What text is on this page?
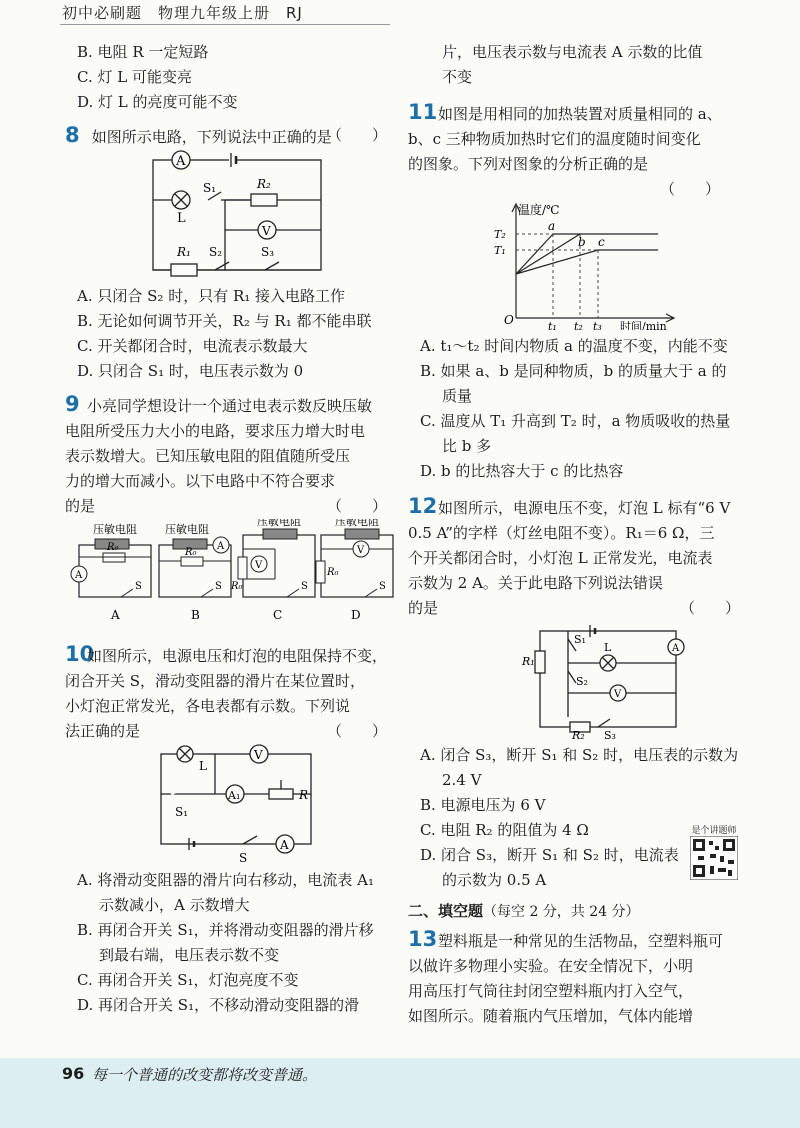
初中必刷题　物理九年级上册　RJ
B. 电阻 R 一定短路
C. 灯 L 可能变亮
D. 灯 L 的亮度可能不变
8 如图所示电路，下列说法中正确的是
（　　）
A
L
S₁	R₂
V
R₁ S₂	S₃
A. 只闭合 S₂ 时，只有 R₁ 接入电路工作
B. 无论如何调节开关，R₂ 与 R₁ 都不能串联
C. 开关都闭合时，电流表示数最大
D. 只闭合 S₁ 时，电压表示数为 0
9 小亮同学想设计一个通过电表示数反映压敏
电阻所受压力大小的电路，要求压力增大时电
表示数增大。已知压敏电阻的阻值随所受压
力的增大而减小。以下电路中不符合要求
的是	（　　）
压敏电阻
R₀
A
S
A
压敏电阻
A
R₀
S
B
压敏电阻
R₀
V
S
C
压敏电阻
V
R₀
S
D
10如图所示，电源电压和灯泡的电阻保持不变，
闭合开关 S，滑动变阻器的滑片在某位置时，
小灯泡正常发光，各电表都有示数。下列说
法正确的是	（　　）
L
V
A₁	R
S₁
S
A
A. 将滑动变阻器的滑片向右移动，电流表 A₁
示数减小，A 示数增大
B. 再闭合开关 S₁，并将滑动变阻器的滑片移
到最右端，电压表示数不变
C. 再闭合开关 S₁，灯泡亮度不变
D. 再闭合开关 S₁，不移动滑动变阻器的滑
片，电压表示数与电流表 A 示数的比值
不变
11如图是用相同的加热装置对质量相同的 a、
b、c 三种物质加热时它们的温度随时间变化
的图象。下列对图象的分析正确的是
（　　）
温度/℃
T₂
T₁
O
a
b c
t₁ t₂ t₃ 时间/min
A. t₁～t₂ 时间内物质 a 的温度不变，内能不变
B. 如果 a、b 是同种物质，b 的质量大于 a 的
质量
C. 温度从 T₁ 升高到 T₂ 时，a 物质吸收的热量
比 b 多
D. b 的比热容大于 c 的比热容
12如图所示，电源电压不变，灯泡 L 标有“6 V
0.5 A”的字样（灯丝电阻不变）。R₁＝6 Ω，三
个开关都闭合时，小灯泡 L 正常发光，电流表
示数为 2 A。关于此电路下列说法错误
的是	（　　）
R₁
S₁
L	A
S₂
V
R₂ S₃
A. 闭合 S₃，断开 S₁ 和 S₂ 时，电压表的示数为
2.4 V
B. 电源电压为 6 V
C. 电阻 R₂ 的阻值为 4 Ω
D. 闭合 S₃，断开 S₁ 和 S₂ 时，电流表
的示数为 0.5 A
二、填空题（每空 2 分，共 24 分）
13塑料瓶是一种常见的生活物品，空塑料瓶可
以做许多物理小实验。在安全情况下，小明
用高压打气筒往封闭空塑料瓶内打入空气，
如图所示。随着瓶内气压增加，气体内能增
是个讲题师
96 每一个普通的改变都将改变普通。
